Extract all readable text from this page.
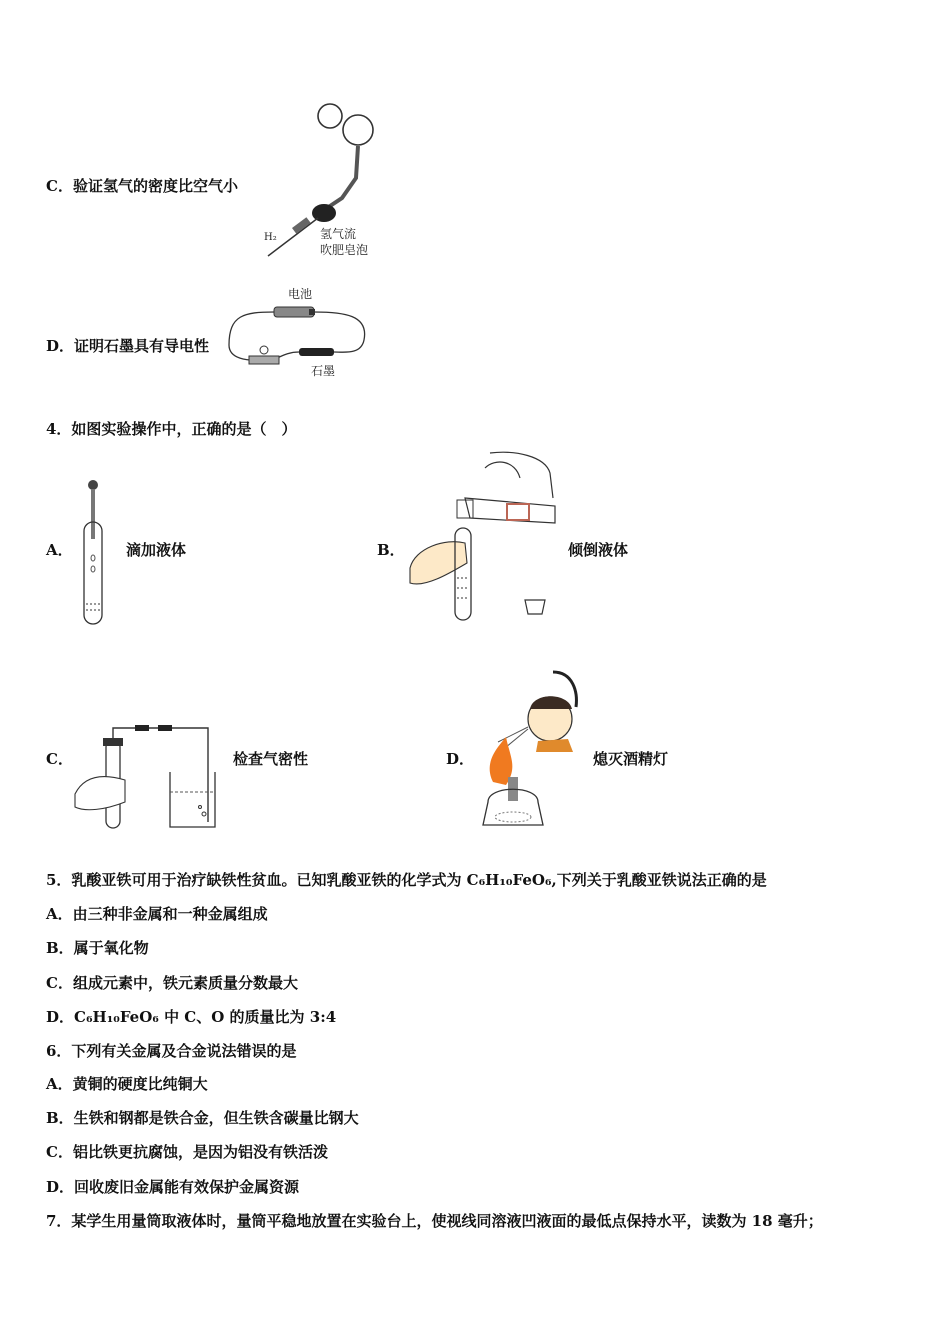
C．验证氢气的密度比空气小
H₂	氢气流
吹肥皂泡
D．证明石墨具有导电性
电池
石墨
4．如图实验操作中，正确的是（　）
A．	滴加液体	B．	倾倒液体
C．	检查气密性	D．	熄灭酒精灯
5．乳酸亚铁可用于治疗缺铁性贫血。已知乳酸亚铁的化学式为 C₆H₁₀FeO₆,下列关于乳酸亚铁说法正确的是
A．由三种非金属和一种金属组成
B．属于氧化物
C．组成元素中，铁元素质量分数最大
D．C₆H₁₀FeO₆ 中 C、O 的质量比为 3:4
6．下列有关金属及合金说法错误的是
A．黄铜的硬度比纯铜大
B．生铁和钢都是铁合金，但生铁含碳量比钢大
C．铝比铁更抗腐蚀，是因为铝没有铁活泼
D．回收废旧金属能有效保护金属资源
7．某学生用量筒取液体时，量筒平稳地放置在实验台上，使视线同溶液凹液面的最低点保持水平，读数为 18 毫升；
